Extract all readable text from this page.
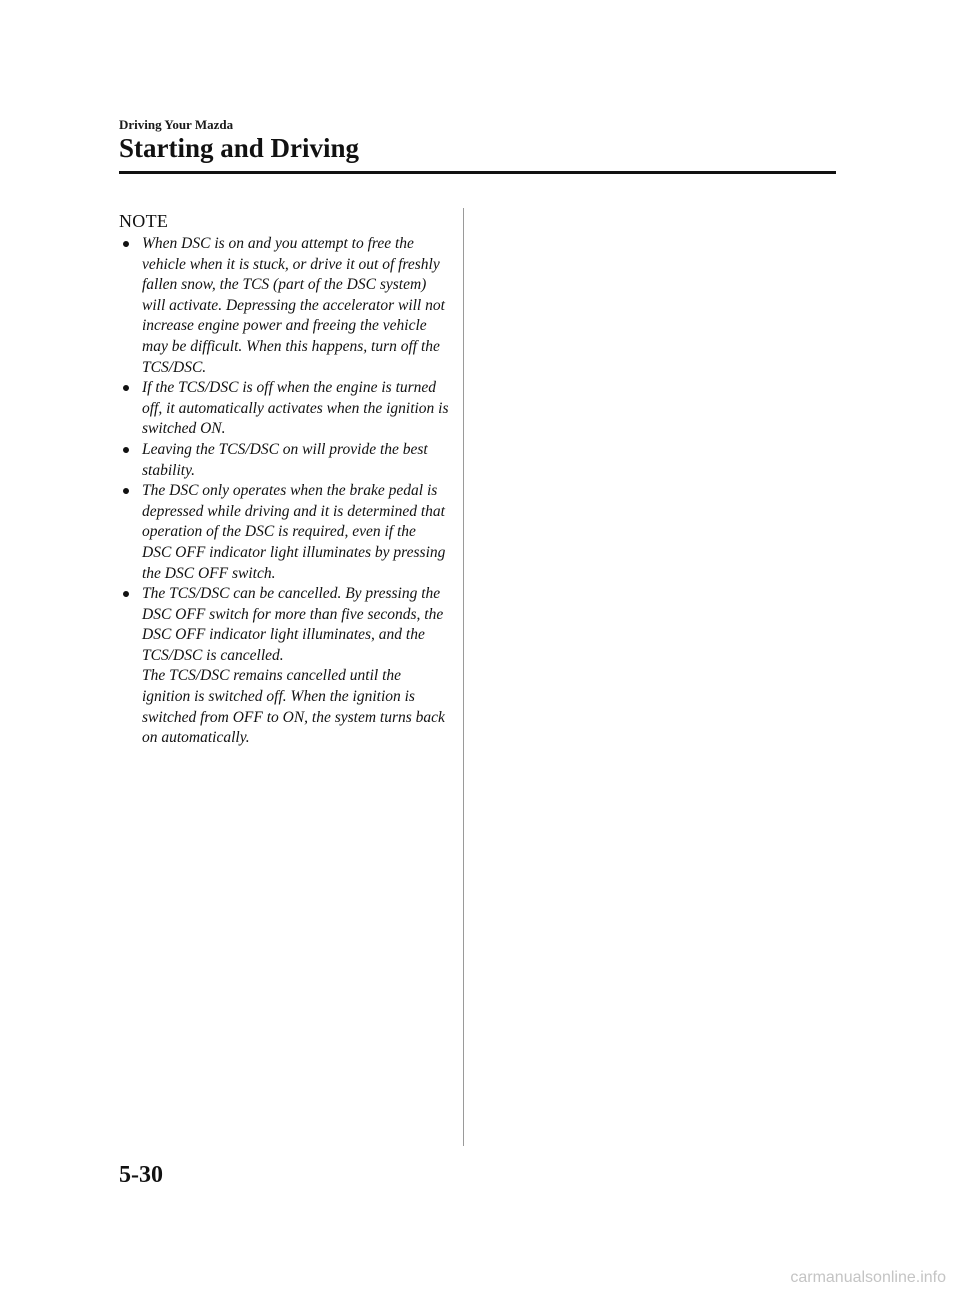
Driving Your Mazda
Starting and Driving
NOTE
When DSC is on and you attempt to free the vehicle when it is stuck, or drive it out of freshly fallen snow, the TCS (part of the DSC system) will activate. Depressing the accelerator will not increase engine power and freeing the vehicle may be difficult. When this happens, turn off the TCS/DSC.
If the TCS/DSC is off when the engine is turned off, it automatically activates when the ignition is switched ON.
Leaving the TCS/DSC on will provide the best stability.
The DSC only operates when the brake pedal is depressed while driving and it is determined that operation of the DSC is required, even if the DSC OFF indicator light illuminates by pressing the DSC OFF switch.
The TCS/DSC can be cancelled. By pressing the DSC OFF switch for more than five seconds, the DSC OFF indicator light illuminates, and the TCS/DSC is cancelled.
The TCS/DSC remains cancelled until the ignition is switched off. When the ignition is switched from OFF to ON, the system turns back on automatically.
5-30
carmanualsonline.info
